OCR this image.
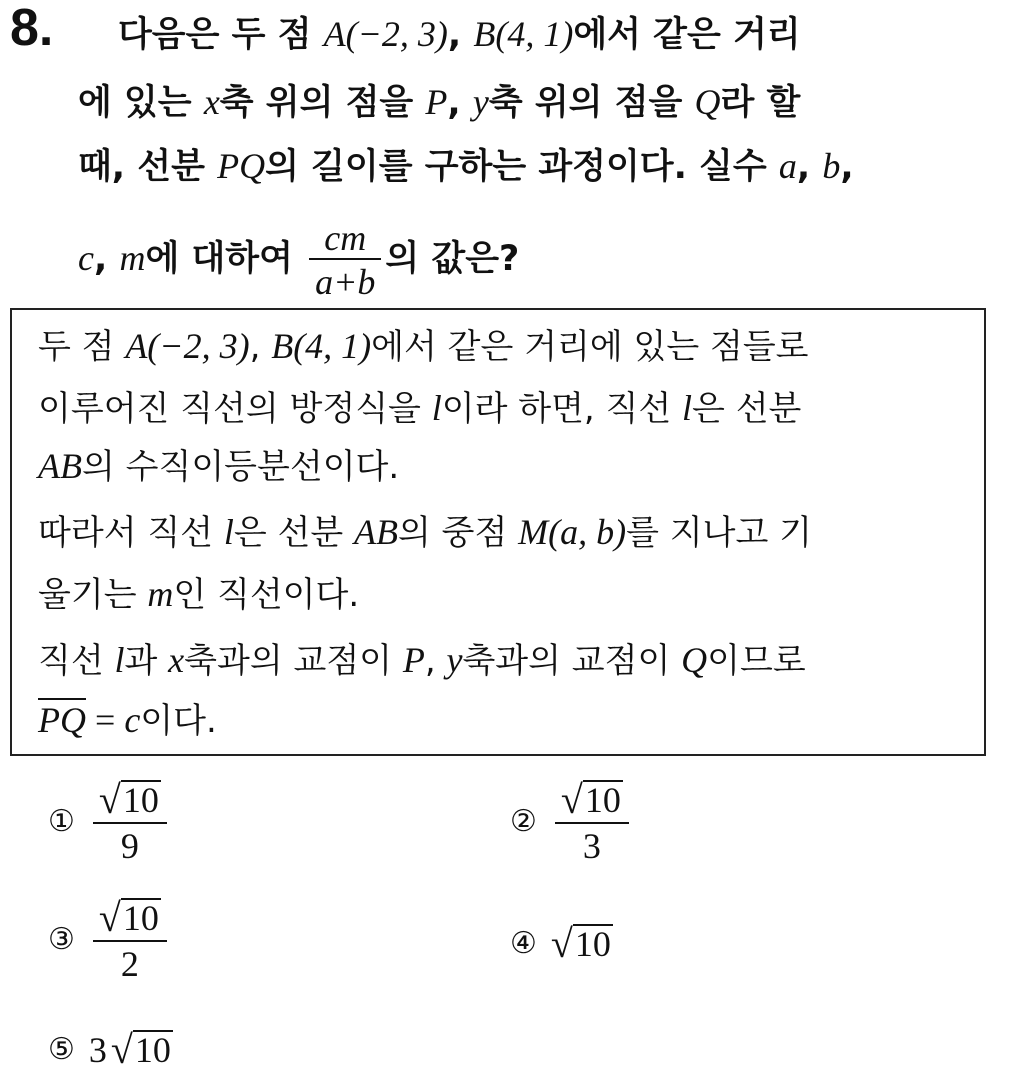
8. 다음은 두 점 A(−2, 3), B(4, 1)에서 같은 거리
에 있는 x축 위의 점을 P, y축 위의 점을 Q라 할
때, 선분 PQ의 길이를 구하는 과정이다. 실수 a, b,
c, m에 대하여 $\frac{cm}{a+b}$ 의 값은?
두 점 A(−2, 3), B(4, 1)에서 같은 거리에 있는 점들로
이루어진 직선의 방정식을 l이라 하면, 직선 l은 선분
AB의 수직이등분선이다.
따라서 직선 l은 선분 AB의 중점 M(a, b)를 지나고 기
울기는 m인 직선이다.
직선 l과 x축과의 교점이 P, y축과의 교점이 Q이므로
$\overline{PQ} = c$이다.
① $\frac{√ 10}{9}$	② $\frac{√ 10}{3}$
③ $\frac{√ 10}{2}$	④ √ 10
⑤ 3 √ 10
